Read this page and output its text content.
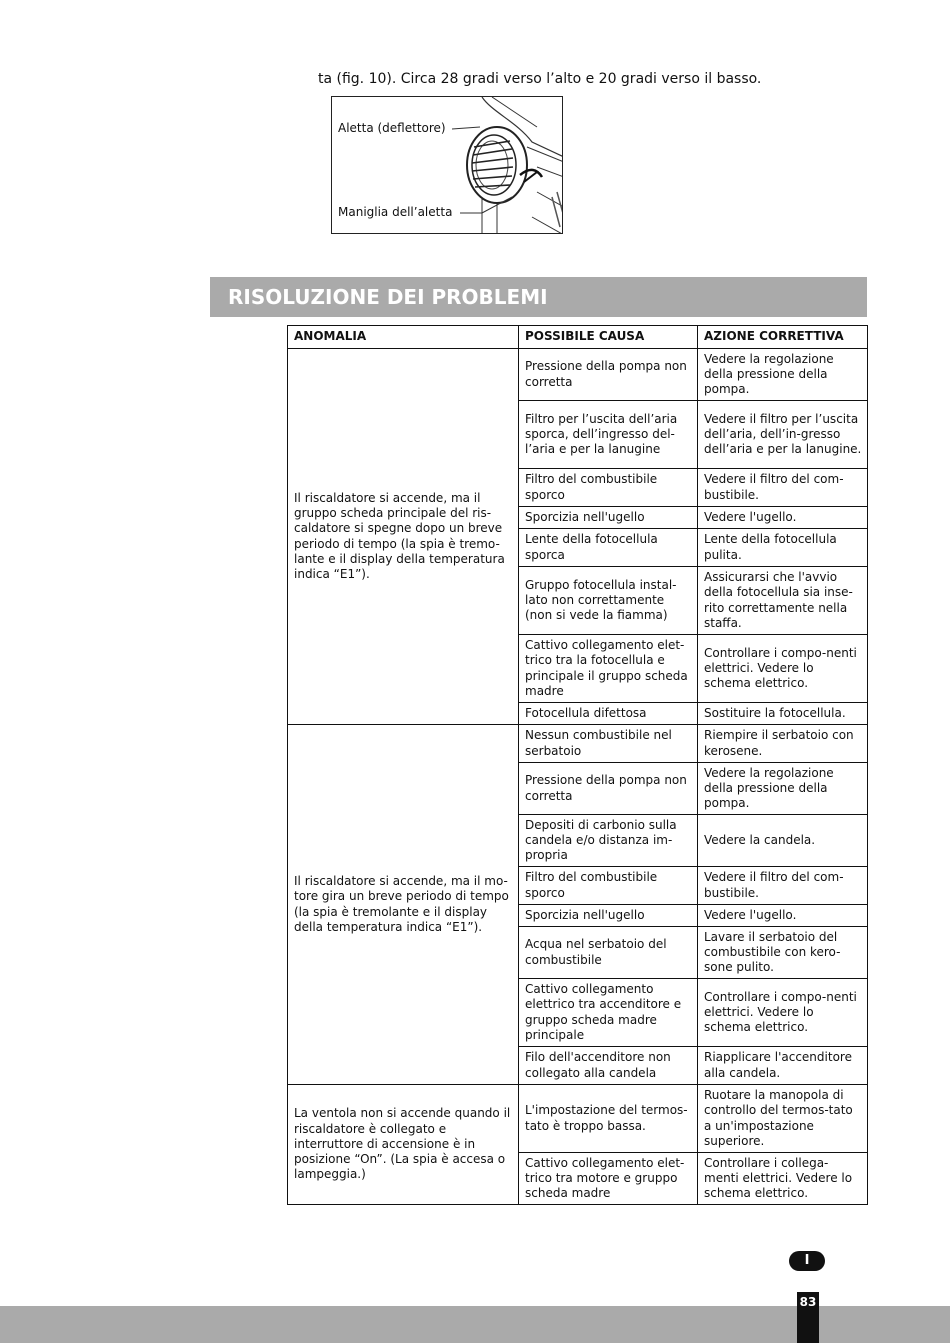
ta (fig. 10). Circa 28 gradi verso l’alto e 20 gradi verso il basso.
Aletta (deflettore)
Maniglia dell’aletta
RISOLUZIONE DEI PROBLEMI
ANOMALIA	POSSIBILE CAUSA	AZIONE CORRETTIVA
Il riscaldatore si accende, ma il gruppo scheda principale del ris-caldatore si spegne dopo un breve periodo di tempo (la spia è tremo-lante e il display della temperatura indica “E1”).	Pressione della pompa non corretta	Vedere la regolazione della pressione della pompa.
	Filtro per l’uscita dell’aria sporca, dell’ingresso del-l’aria e per la lanugine	Vedere il filtro per l’uscita dell’aria, dell’in-gresso dell’aria e per la lanugine.
	Filtro del combustibile sporco	Vedere il filtro del com-bustibile.
	Sporcizia nell'ugello	Vedere l'ugello.
	Lente della fotocellula sporca	Lente della fotocellula pulita.
	Gruppo fotocellula instal-lato non correttamente (non si vede la fiamma)	Assicurarsi che l'avvio della fotocellula sia inse-rito correttamente nella staffa.
	Cattivo collegamento elet-trico tra la fotocellula e principale il gruppo scheda madre	Controllare i compo-nenti elettrici. Vedere lo schema elettrico.
	Fotocellula difettosa	Sostituire la fotocellula.
Il riscaldatore si accende, ma il mo-tore gira un breve periodo di tempo (la spia è tremolante e il display della temperatura indica “E1”).	Nessun combustibile nel serbatoio	Riempire il serbatoio con kerosene.
	Pressione della pompa non corretta	Vedere la regolazione della pressione della pompa.
	Depositi di carbonio sulla candela e/o distanza im-propria	Vedere la candela.
	Filtro del combustibile sporco	Vedere il filtro del com-bustibile.
	Sporcizia nell'ugello	Vedere l'ugello.
	Acqua nel serbatoio del combustibile	Lavare il serbatoio del combustibile con kero-sone pulito.
	Cattivo collegamento elettrico tra accenditore e gruppo scheda madre principale	Controllare i compo-nenti elettrici. Vedere lo schema elettrico.
	Filo dell'accenditore non collegato alla candela	Riapplicare l'accenditore alla candela.
La ventola non si accende quando il riscaldatore è collegato e interruttore di accensione è in posizione “On”. (La spia è accesa o lampeggia.)	L'impostazione del termos-tato è troppo bassa.	Ruotare la manopola di controllo del termos-tato a un'impostazione superiore.
	Cattivo collegamento elet-trico tra motore e gruppo scheda madre	Controllare i collega-menti elettrici. Vedere lo schema elettrico.
I
83
